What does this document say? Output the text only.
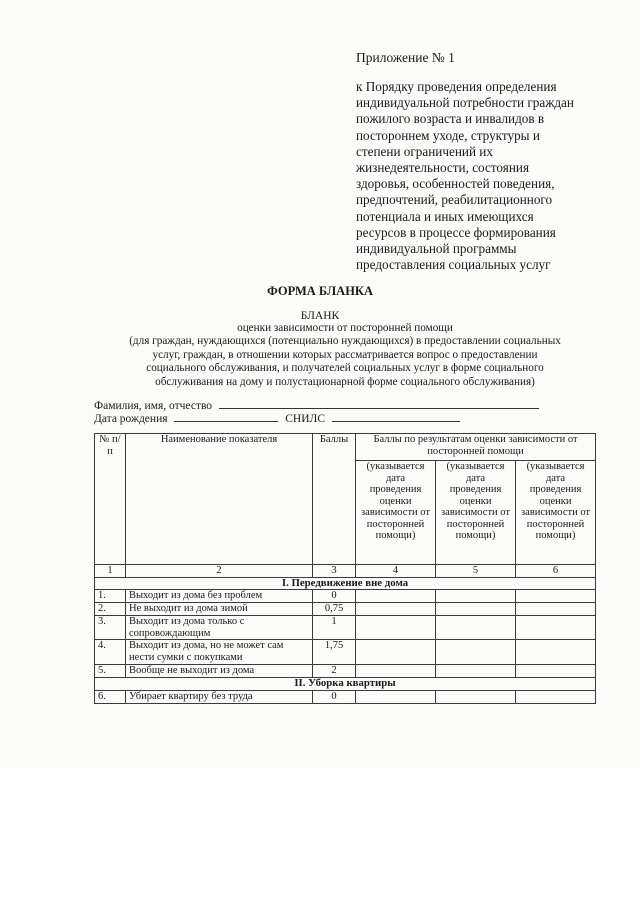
Приложение № 1
к Порядку проведения определения
индивидуальной потребности граждан
пожилого возраста и инвалидов в
постороннем уходе, структуры и
степени ограничений их
жизнедеятельности, состояния
здоровья, особенностей поведения,
предпочтений, реабилитационного
потенциала и иных имеющихся
ресурсов в процессе формирования
индивидуальной программы
предоставления социальных услуг
ФОРМА БЛАНКА
БЛАНК
оценки зависимости от посторонней помощи
(для граждан, нуждающихся (потенциально нуждающихся) в предоставлении социальных
услуг, граждан, в отношении которых рассматривается вопрос о предоставлении
социального обслуживания, и получателей социальных услуг в форме социального
обслуживания на дому и полустационарной форме социального обслуживания)
Фамилия, имя, отчество
Дата рождения	СНИЛС
№ п/п	Наименование показателя	Баллы	Баллы по результатам оценки зависимости от посторонней помощи		
			(указывается дата проведения оценки зависимости от посторонней помощи)	(указывается дата проведения оценки зависимости от посторонней помощи)	(указывается дата проведения оценки зависимости от посторонней помощи)
1	2	3	4	5	6
I. Передвижение вне дома					
1.	Выходит из дома без проблем	0			
2.	Не выходит из дома зимой	0,75			
3.	Выходит из дома только с сопровождающим	1			
4.	Выходит из дома, но не может сам нести сумки с покупками	1,75			
5.	Вообще не выходит из дома	2			
II. Уборка квартиры					
6.	Убирает квартиру без труда	0			
